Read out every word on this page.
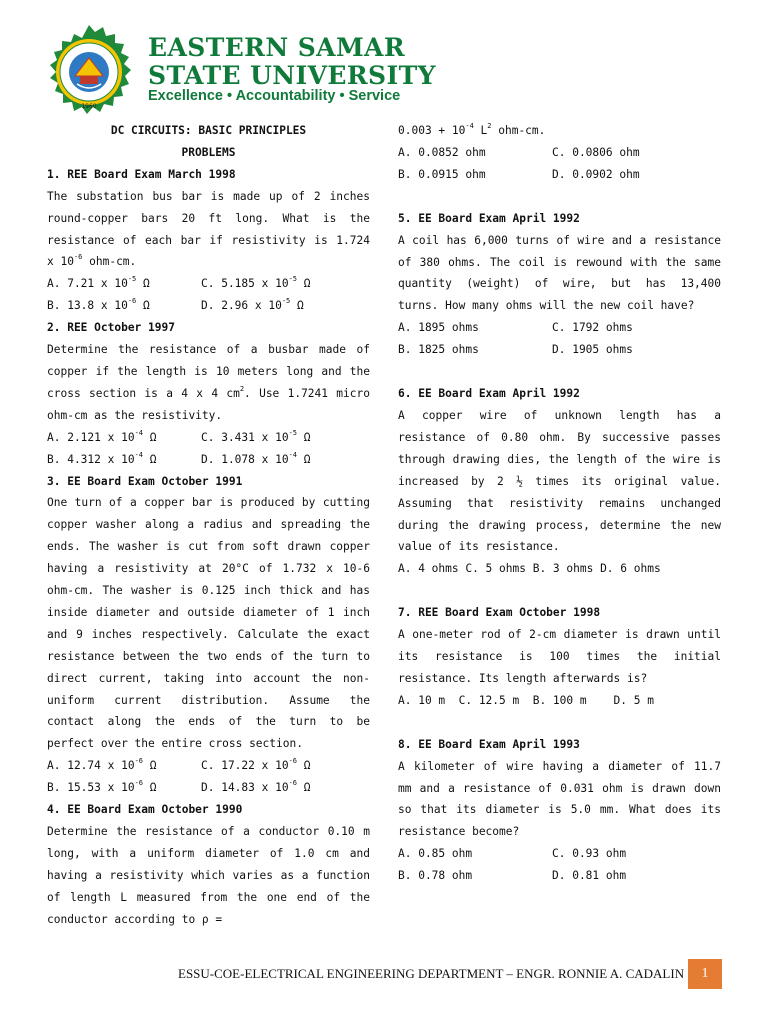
1960
EASTERN SAMAR
STATE UNIVERSITY
Excellence • Accountability • Service

DC CIRCUITS: BASIC PRINCIPLES

PROBLEMS

1. REE Board Exam March 1998

The substation bus bar is made up of 2 inches round-copper bars 20 ft long. What is the resistance of each bar if resistivity is 1.724 x $10^{-6}$ ohm-cm.

A. 7.21 x $10^{-5}$ Ω	C. 5.185 x $10^{-5}$ Ω
B. 13.8 x $10^{-6}$ Ω	D. 2.96 x $10^{-5}$ Ω

2. REE October 1997

Determine the resistance of a busbar made of copper if the length is 10 meters long and the cross section is a 4 x 4 $cm^2$. Use 1.7241 micro ohm-cm as the resistivity.

A. 2.121 x $10^{-4}$ Ω	C. 3.431 x $10^{-5}$ Ω
B. 4.312 x $10^{-4}$ Ω	D. 1.078 x $10^{-4}$ Ω

3. EE Board Exam October 1991

One turn of a copper bar is produced by cutting copper washer along a radius and spreading the ends. The washer is cut from soft drawn copper having a resistivity at 20°C of 1.732 x 10-6 ohm-cm. The washer is 0.125 inch thick and has inside diameter and outside diameter of 1 inch and 9 inches respectively. Calculate the exact resistance between the two ends of the turn to direct current, taking into account the non-uniform current distribution. Assume the contact along the ends of the turn to be perfect over the entire cross section.

A. 12.74 x $10^{-6}$ Ω	C. 17.22 x $10^{-6}$ Ω
B. 15.53 x $10^{-6}$ Ω	D. 14.83 x $10^{-6}$ Ω

4. EE Board Exam October 1990

Determine the resistance of a conductor 0.10 m long, with a uniform diameter of 1.0 cm and having a resistivity which varies as a function of length L measured from the one end of the conductor according to ρ =

$0.003 + 10^{-4}$ $L^2$ ohm-cm.

A. 0.0852 ohm	C. 0.0806 ohm
B. 0.0915 ohm	D. 0.0902 ohm

5. EE Board Exam April 1992

A coil has 6,000 turns of wire and a resistance of 380 ohms. The coil is rewound with the same quantity (weight) of wire, but has 13,400 turns. How many ohms will the new coil have?

A. 1895 ohms	C. 1792 ohms
B. 1825 ohms	D. 1905 ohms

6. EE Board Exam April 1992

A copper wire of unknown length has a resistance of 0.80 ohm. By successive passes through drawing dies, the length of the wire is increased by 2 ½ times its original value. Assuming that resistivity remains unchanged during the drawing process, determine the new value of its resistance.

A. 4 ohms C. 5 ohms B. 3 ohms D. 6 ohms

7. REE Board Exam October 1998

A one-meter rod of 2-cm diameter is drawn until its resistance is 100 times the initial resistance. Its length afterwards is?

A. 10 m  C. 12.5 m  B. 100 m    D. 5 m

8. EE Board Exam April 1993

A kilometer of wire having a diameter of 11.7 mm and a resistance of 0.031 ohm is drawn down so that its diameter is 5.0 mm. What does its resistance become?

A. 0.85 ohm	C. 0.93 ohm
B. 0.78 ohm	D. 0.81 ohm
ESSU-COE-ELECTRICAL ENGINEERING DEPARTMENT – ENGR. RONNIE A. CADALIN	1
